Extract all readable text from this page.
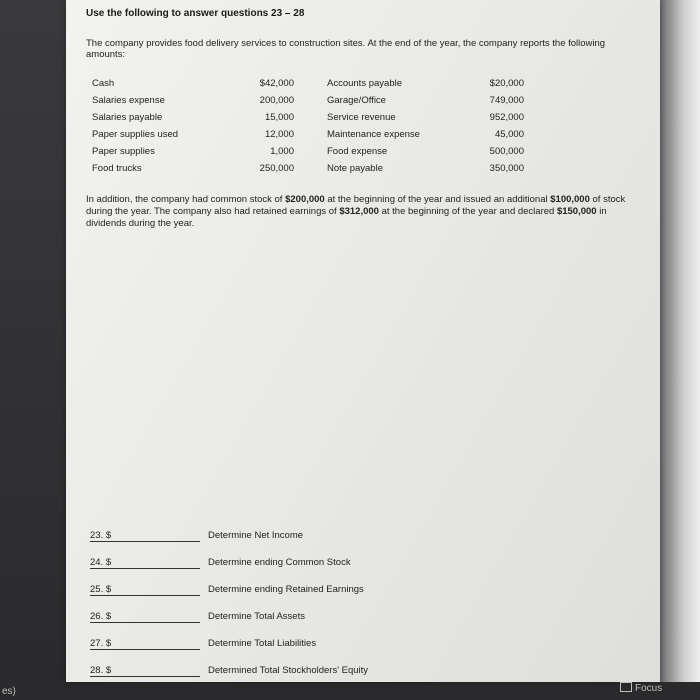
Use the following to answer questions 23 – 28
The company provides food delivery services to construction sites. At the end of the year, the company reports the following amounts:
Cash	$42,000	Accounts payable	$20,000
Salaries expense	200,000	Garage/Office	749,000
Salaries payable	15,000	Service revenue	952,000
Paper supplies used	12,000	Maintenance expense	45,000
Paper supplies	1,000	Food expense	500,000
Food trucks	250,000	Note payable	350,000
In addition, the company had common stock of $200,000 at the beginning of the year and issued an additional $100,000 of stock during the year. The company also had retained earnings of $312,000 at the beginning of the year and declared $150,000 in dividends during the year.
23. $	Determine Net Income
24. $	Determine ending Common Stock
25. $	Determine ending Retained Earnings
26. $	Determine Total Assets
27. $	Determine Total Liabilities
28. $	Determined Total Stockholders' Equity
es)	Focus
